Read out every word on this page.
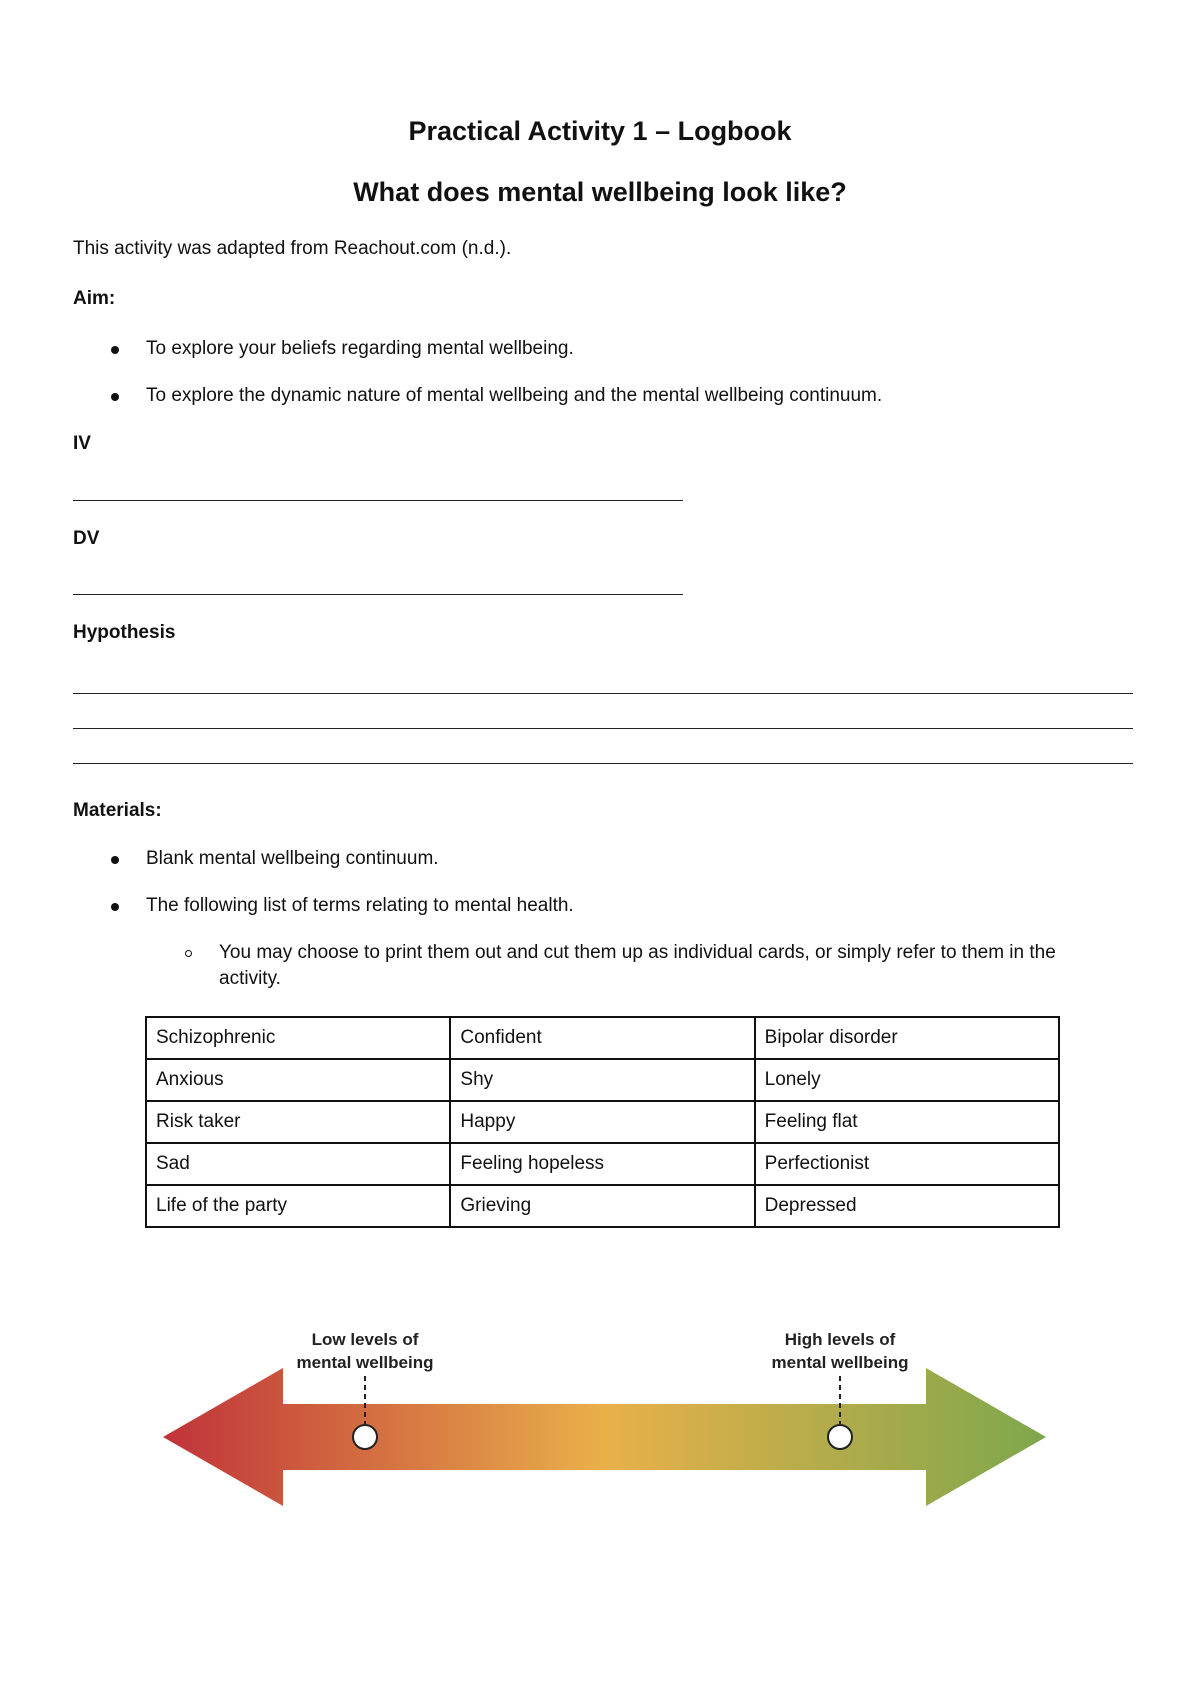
Practical Activity 1 – Logbook
What does mental wellbeing look like?
This activity was adapted from Reachout.com (n.d.).
Aim:
To explore your beliefs regarding mental wellbeing.
To explore the dynamic nature of mental wellbeing and the mental wellbeing continuum.
IV
DV
Hypothesis
Materials:
Blank mental wellbeing continuum.
The following list of terms relating to mental health.
You may choose to print them out and cut them up as individual cards, or simply refer to them in the
activity.
Schizophrenic	Confident	Bipolar disorder
Anxious	Shy	Lonely
Risk taker	Happy	Feeling flat
Sad	Feeling hopeless	Perfectionist
Life of the party	Grieving	Depressed
Low levels of
mental wellbeing
High levels of
mental wellbeing
